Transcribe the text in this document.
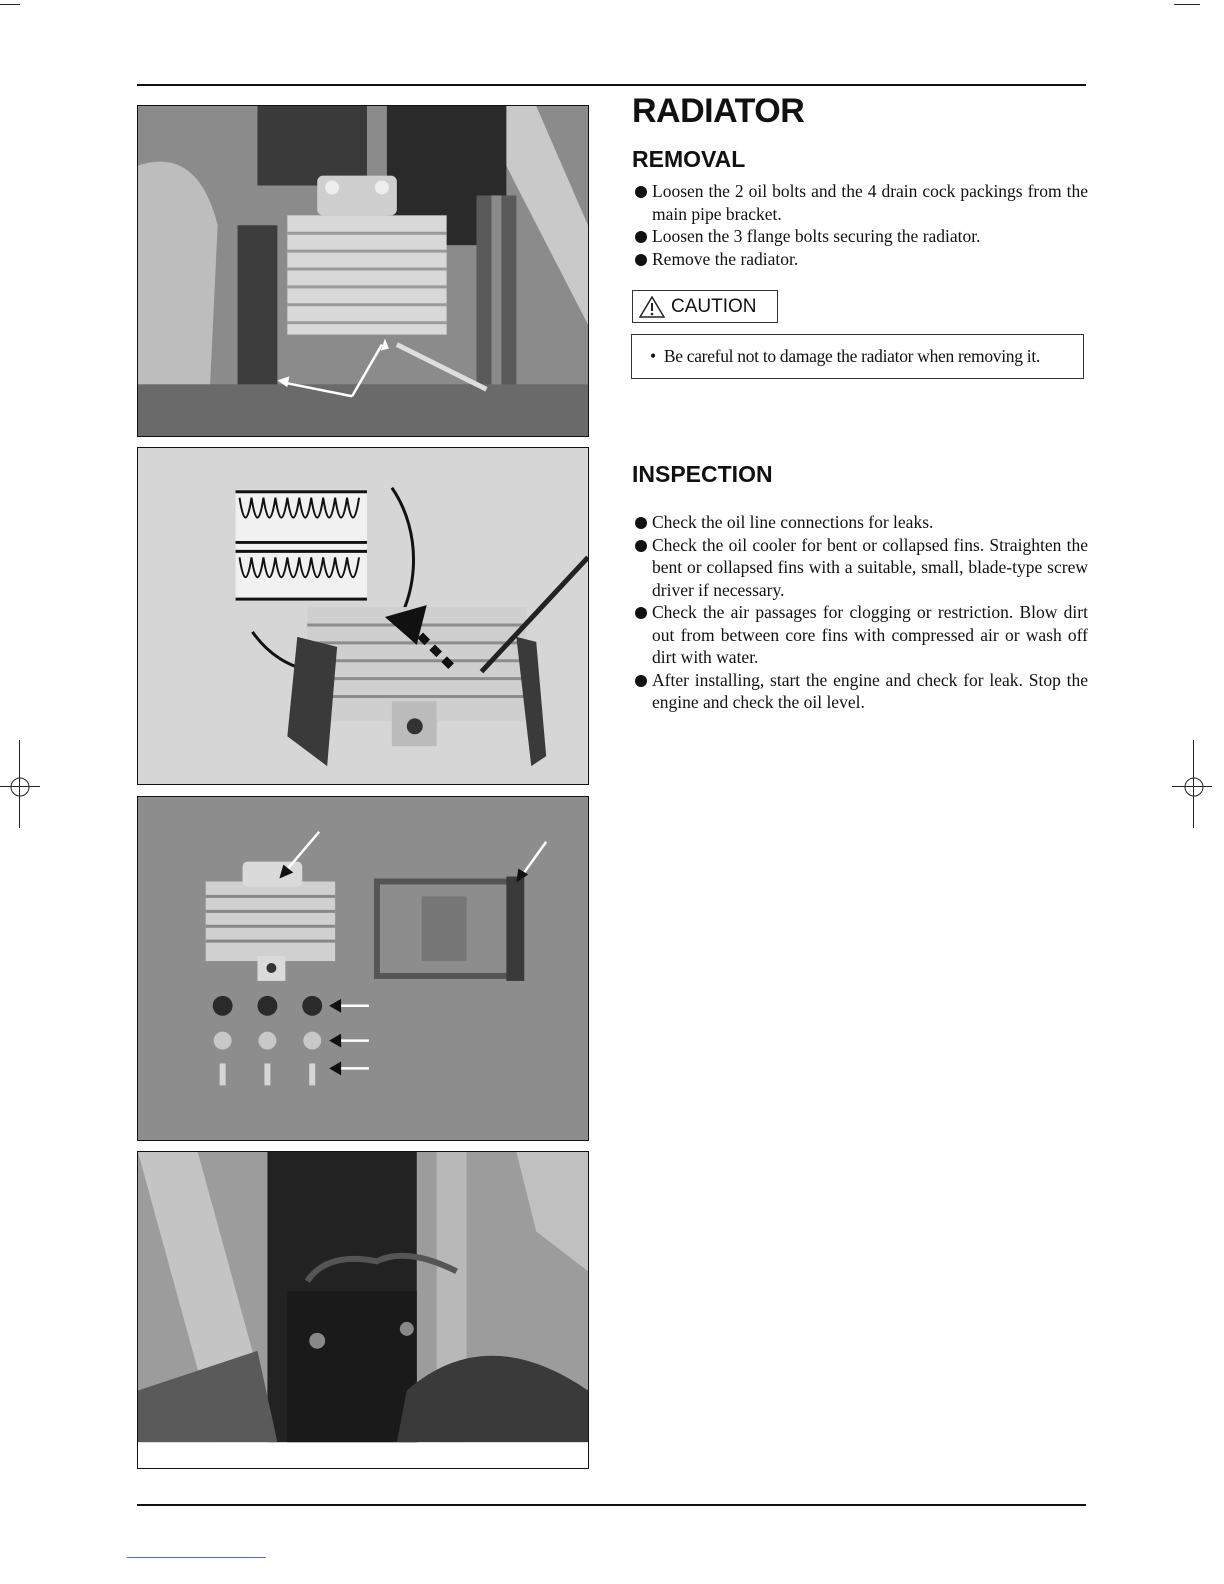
RADIATOR
REMOVAL
Loosen the 2 oil bolts and the 4 drain cock packings from the main pipe bracket.
Loosen the 3 flange bolts securing the radiator.
Remove the radiator.
CAUTION
• Be careful not to damage the radiator when removing it.
INSPECTION
Check the oil line connections for leaks.
Check the oil cooler for bent or collapsed fins. Straighten the bent or collapsed fins with a suitable, small, blade-type screw driver if necessary.
Check the air passages for clogging or restriction. Blow dirt out from between core fins with compressed air or wash off dirt with water.
After installing, start the engine and check for leak. Stop the engine and check the oil level.
